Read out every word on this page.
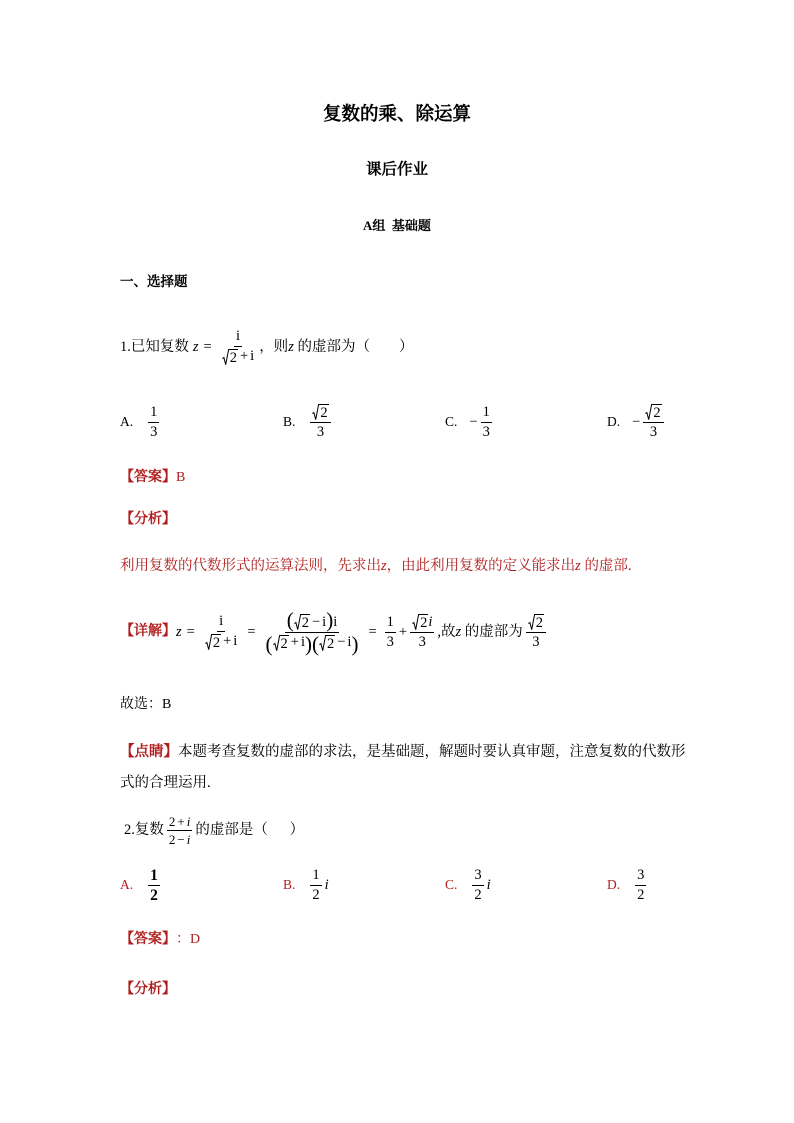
复数的乘、除运算
课后作业
A组  基础题
一、选择题
1.已知复数 $z = \frac{i}{2 + i}$ ，则 z 的虚部为（        ）
A. $\frac{1}{3}$	B. $\frac{2}{3}$	C. − $\frac{1}{3}$	D. − $\frac{2}{3}$
【答案】 B
【分析】
利用复数的代数形式的运算法则，先求出 z ，由此利用复数的定义能求出 z 的虚部.
【详解】 $z = \frac{i}{2 + i}$ =
( 2 − i ) i
( 2 + i ) ( 2 − i ) = $\frac{1}{3} + \frac{2 i}{3}$ ,故 z 的虚部为 $\frac{2}{3}$
故选：B
【点睛】本题考查复数的虚部的求法，是基础题，解题时要认真审题，注意复数的代数形式的合理运用.
2.复数 $\frac{2 + i}{2 - i}$ 的虚部是（      ）
A. $\frac{1}{2}$	B. $\frac{1}{2}$ i	C. $\frac{3}{2}$ i	D. $\frac{3}{2}$
【答案】 ：D
【分析】
